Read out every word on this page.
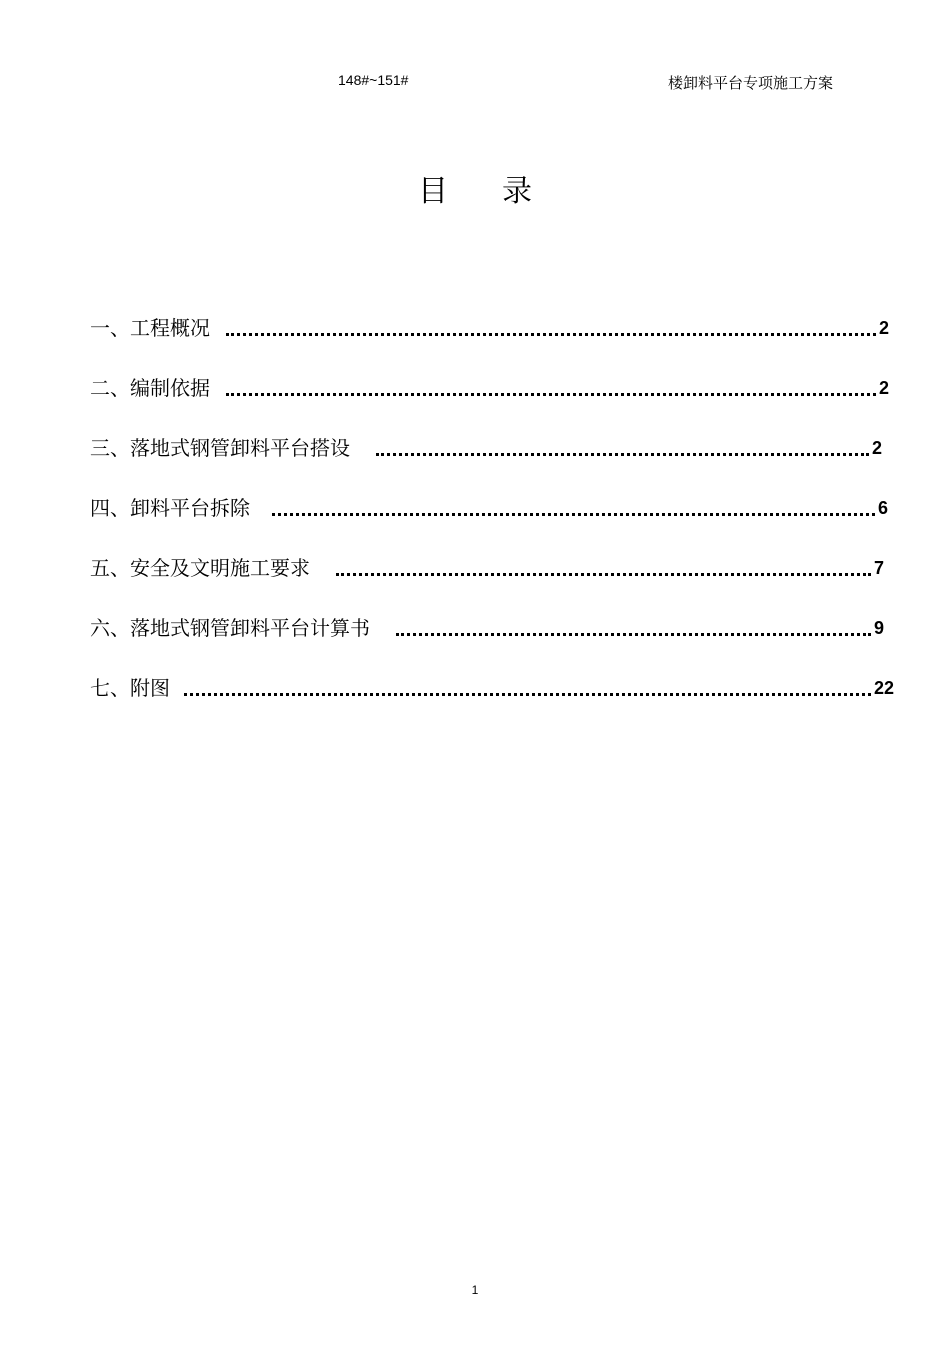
148#~151#	楼卸料平台专项施工方案
目录
一、工程概况	2
二、编制依据	2
三、落地式钢管卸料平台搭设	2
四、卸料平台拆除	6
五、安全及文明施工要求	7
六、落地式钢管卸料平台计算书	9
七、附图	22
1
